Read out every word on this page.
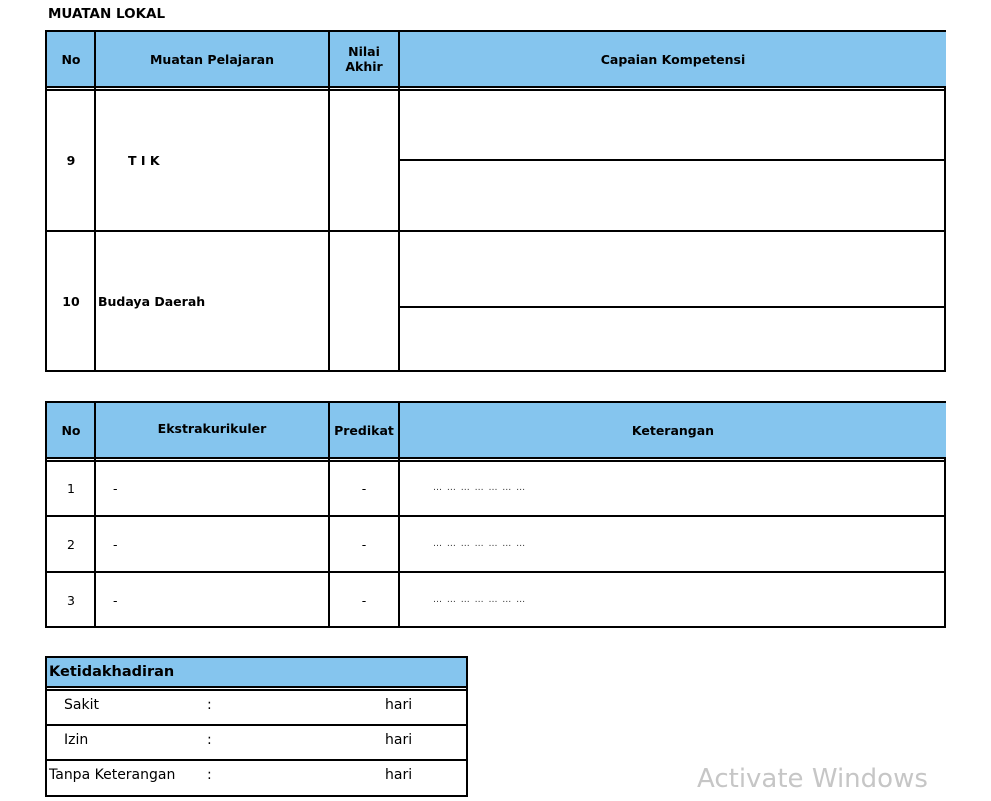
MUATAN LOKAL
No	Muatan Pelajaran	Nilai Akhir	Capaian Kompetensi
9	T I K
10	Budaya Daerah
No	Ekstrakurikuler	Predikat	Keterangan
1	-	-	… … … … … … …
2	-	-	… … … … … … …
3	-	-	… … … … … … …
Ketidakhadiran
Sakit	:	hari
Izin	:	hari
Tanpa Keterangan :	hari	Activate Windows
